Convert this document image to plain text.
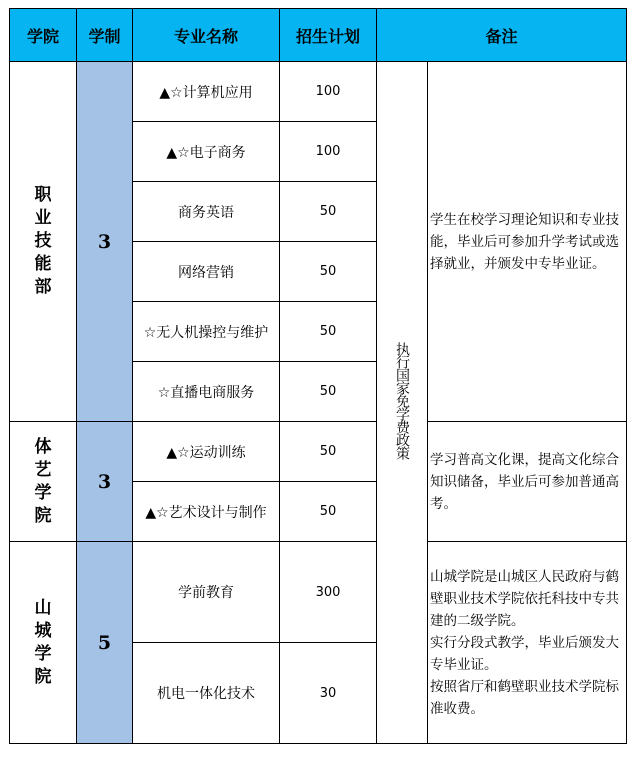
学院	学制	专业名称	招生计划	备注	
职业技能部	3	▲☆计算机应用	100	执行国家免学费政策	学生在校学习理论知识和专业技能，毕业后可参加升学考试或选择就业，并颁发中专毕业证。

		▲☆电子商务	100		
		商务英语	50		
		网络营销	50		
		☆无人机操控与维护	50		
		☆直播电商服务	50		
体艺学院	3	▲☆运动训练	50		学习普高文化课，提高文化综合知识储备，毕业后可参加普通高考。

		▲☆艺术设计与制作	50		
山城学院	5	学前教育	300		山城学院是山城区人民政府与鹤壁职业技术学院依托科技中专共建的二级学院。

实行分段式教学，毕业后颁发大专毕业证。

按照省厅和鹤壁职业技术学院标准收费。

		机电一体化技术	30		
